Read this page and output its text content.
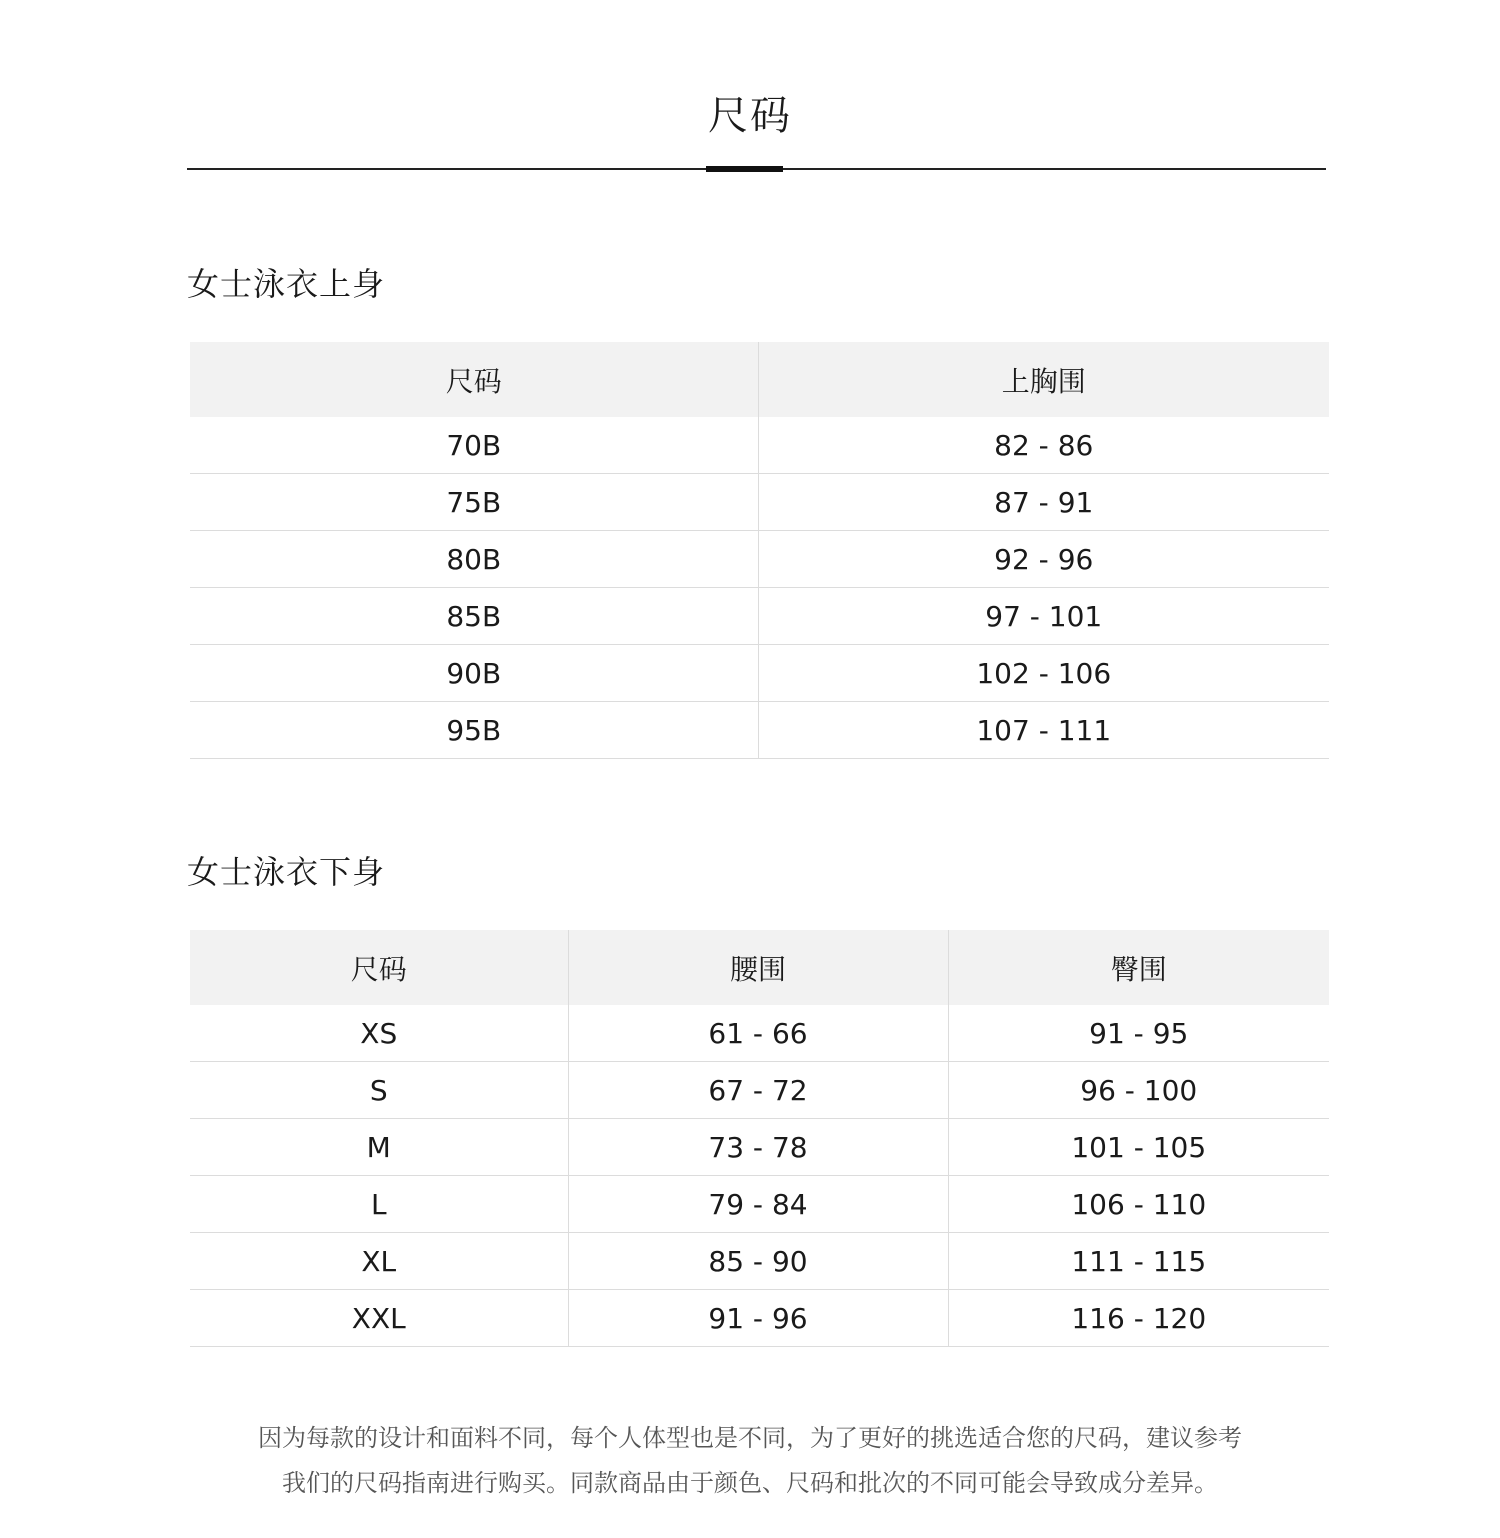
尺码
女士泳衣上身
尺码	上胸围
70B	82 - 86
75B	87 - 91
80B	92 - 96
85B	97 - 101
90B	102 - 106
95B	107 - 111
女士泳衣下身
尺码	腰围	臀围
XS	61 - 66	91 - 95
S	67 - 72	96 - 100
M	73 - 78	101 - 105
L	79 - 84	106 - 110
XL	85 - 90	111 - 115
XXL	91 - 96	116 - 120
因为每款的设计和面料不同，每个人体型也是不同，为了更好的挑选适合您的尺码，建议参考
我们的尺码指南进行购买。同款商品由于颜色、尺码和批次的不同可能会导致成分差异。
